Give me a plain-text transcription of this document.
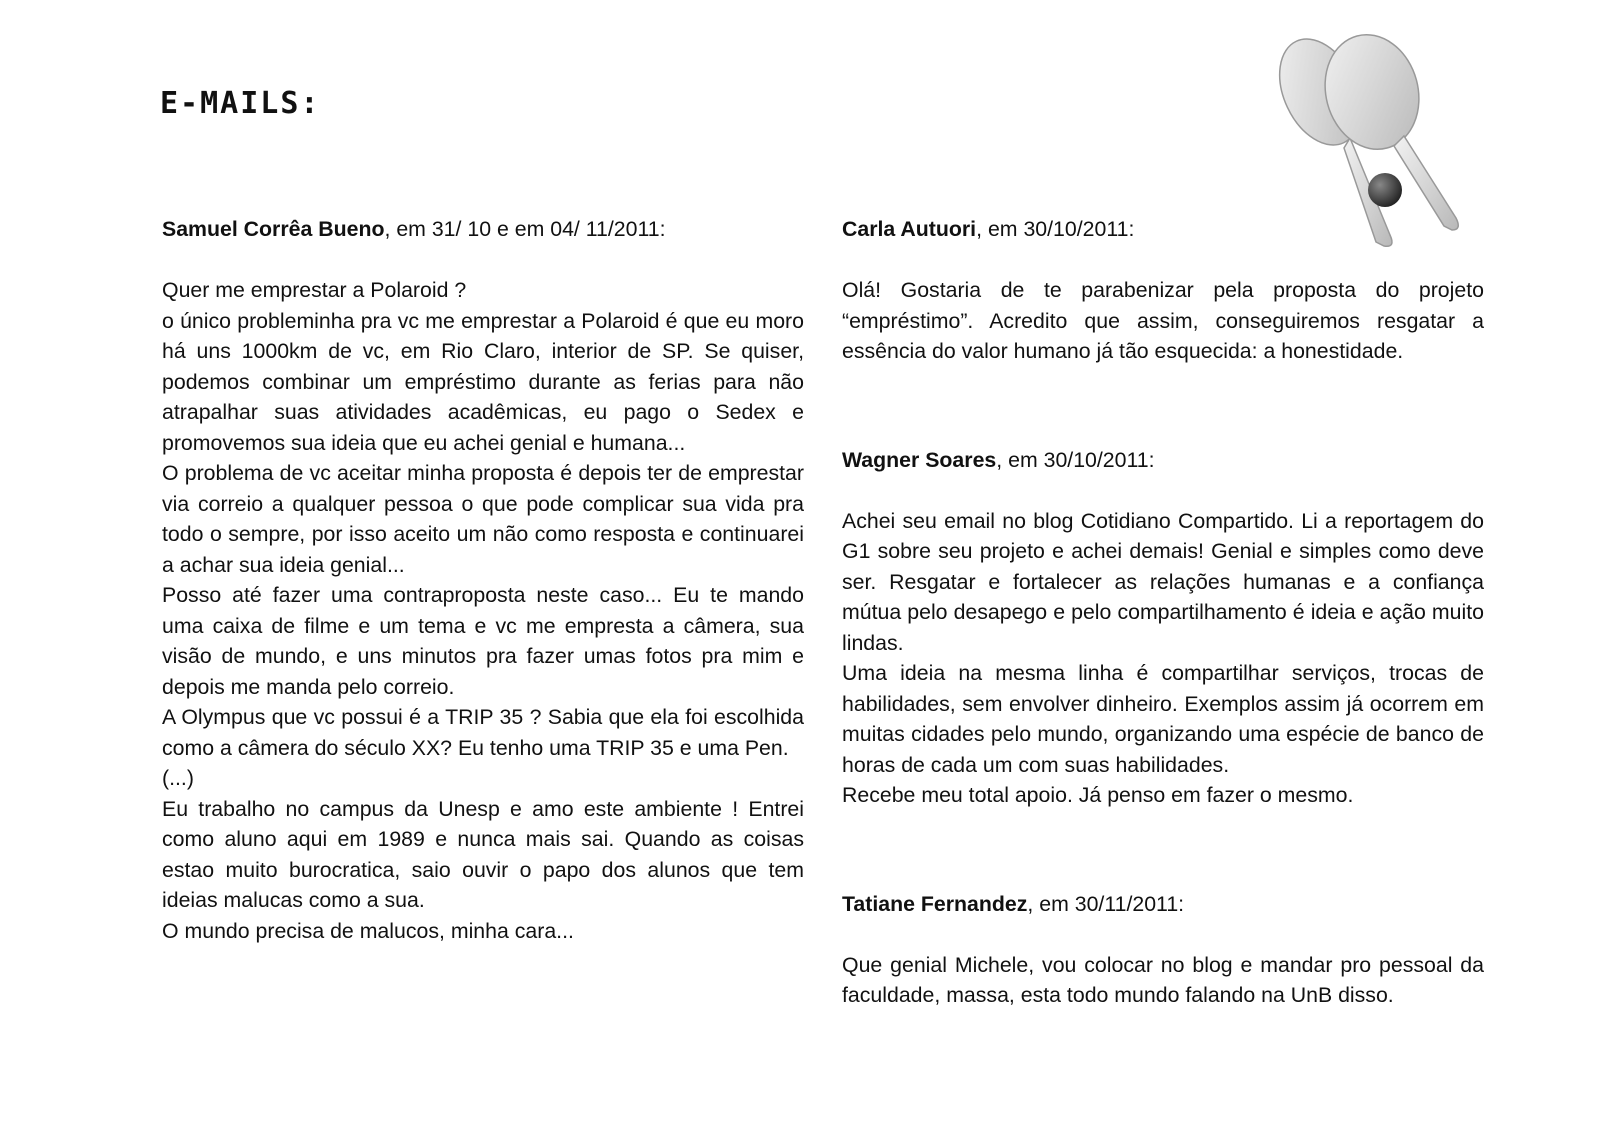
E-MAILS:
Samuel Corrêa Bueno, em 31/ 10 e em 04/ 11/2011:

Quer me emprestar a Polaroid ?

o único probleminha pra vc me emprestar a Polaroid é que eu moro há uns 1000km de vc, em Rio Claro, interior de SP. Se quiser, podemos combinar um empréstimo durante as ferias para não atrapalhar suas atividades acadêmicas, eu pago o Sedex e promovemos sua ideia que eu achei genial e humana...

O problema de vc aceitar minha proposta é depois ter de emprestar via correio a qualquer pessoa o que pode complicar sua vida pra todo o sempre, por isso aceito um não como resposta e continuarei a achar sua ideia genial...

Posso até fazer uma contraproposta neste caso... Eu te mando uma caixa de filme e um tema e vc me empresta a câmera, sua visão de mundo, e uns minutos pra fazer umas fotos pra mim e depois me manda pelo correio.

A Olympus que vc possui é a TRIP 35 ? Sabia que ela foi escolhida como a câmera do século XX? Eu tenho uma TRIP 35 e uma Pen.

(...)

Eu trabalho no campus da Unesp e amo este ambiente ! Entrei como aluno aqui em 1989 e nunca mais sai. Quando as coisas estao muito burocratica, saio ouvir o papo dos alunos que tem ideias malucas como a sua.

O mundo precisa de malucos, minha cara...

Carla Autuori, em 30/10/2011:

Olá! Gostaria de te parabenizar pela proposta do projeto “empréstimo”. Acredito que assim, conseguiremos resgatar a essência do valor humano já tão esquecida: a honestidade.

Wagner Soares, em 30/10/2011:

Achei seu email no blog Cotidiano Compartido. Li a reportagem do G1 sobre seu projeto e achei demais! Genial e simples como deve ser. Resgatar e fortalecer as relações humanas e a confiança mútua pelo desapego e pelo compartilhamento é ideia e ação muito lindas.

Uma ideia na mesma linha é compartilhar serviços, trocas de habilidades, sem envolver dinheiro. Exemplos assim já ocorrem em muitas cidades pelo mundo, organizando uma espécie de banco de horas de cada um com suas habilidades.

Recebe meu total apoio. Já penso em fazer o mesmo.

Tatiane Fernandez, em 30/11/2011:

Que genial Michele, vou colocar no blog e mandar pro pessoal da faculdade, massa, esta todo mundo falando na UnB disso.
